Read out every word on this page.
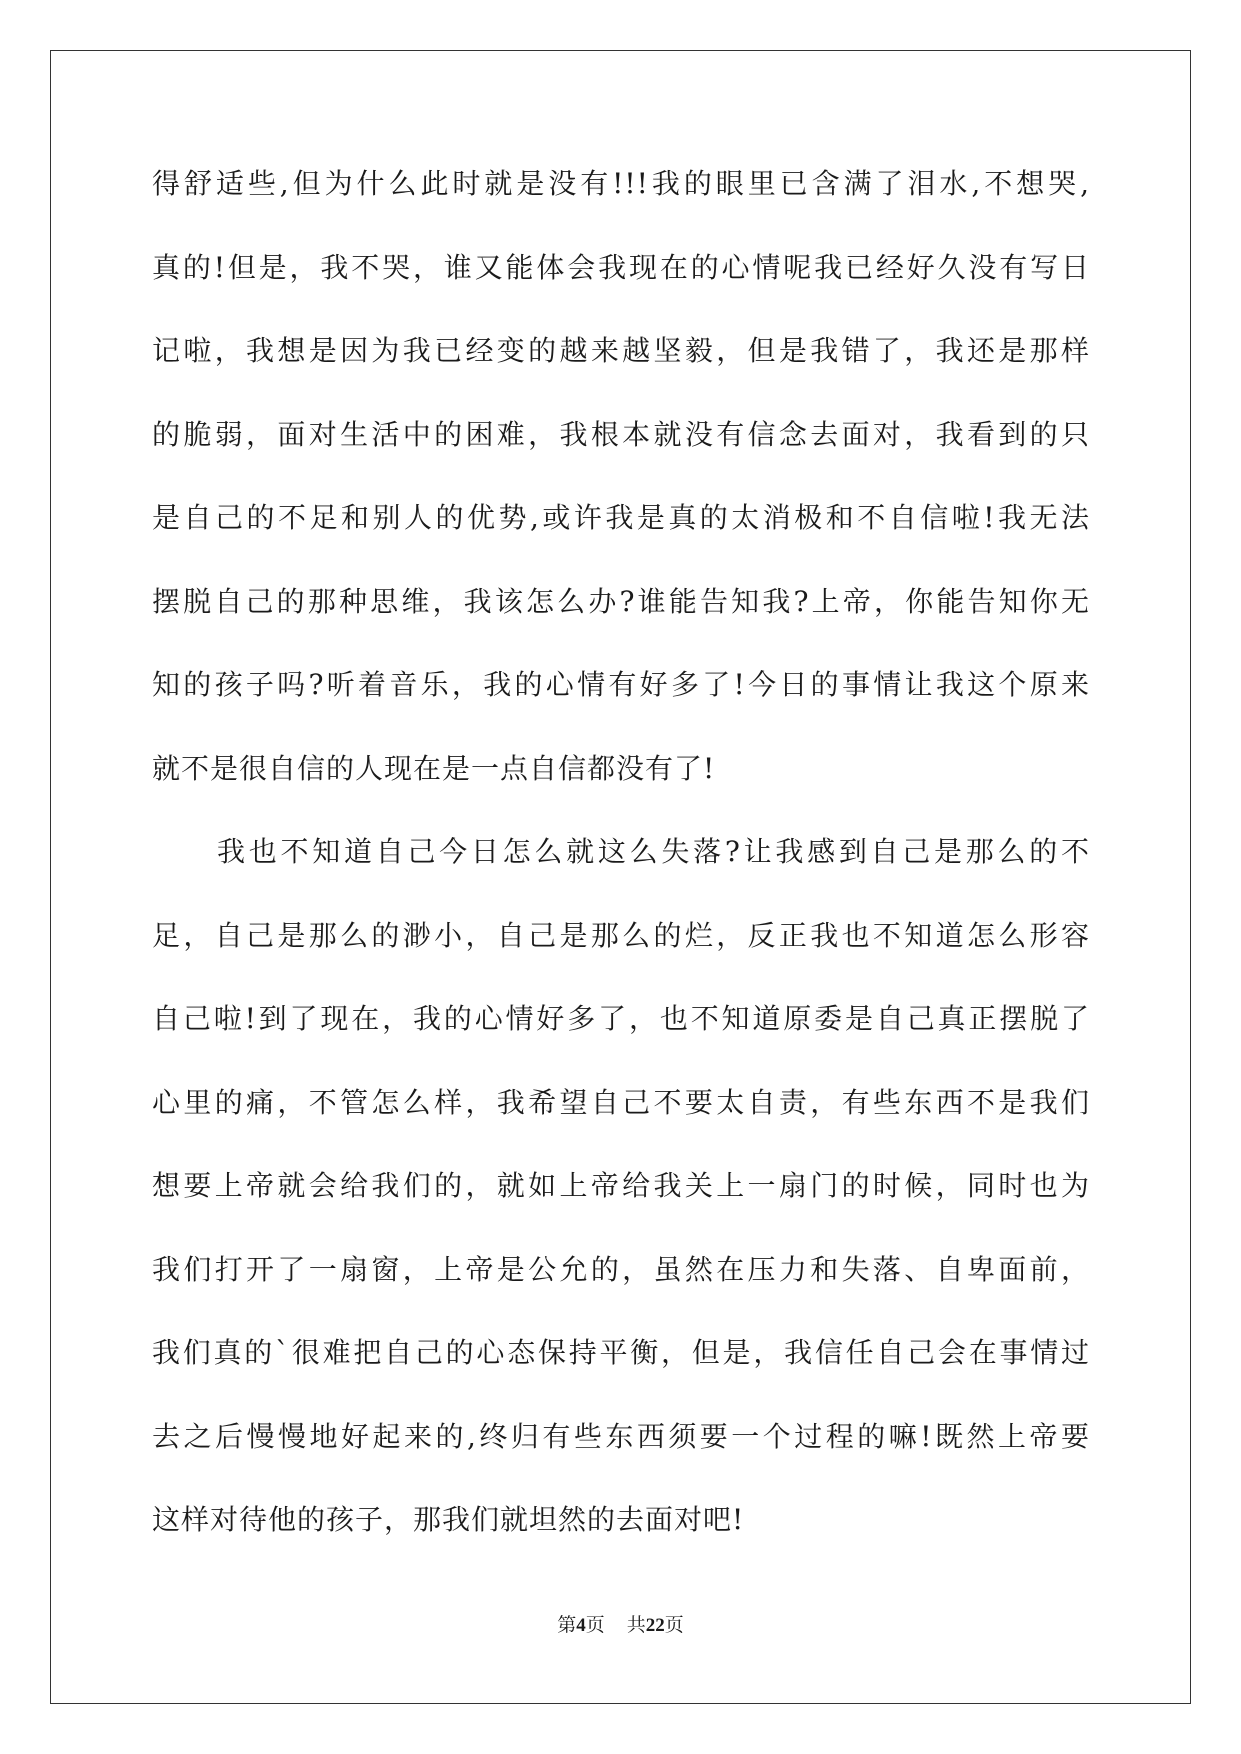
得舒适些,但为什么此时就是没有!!!我的眼里已含满了泪水,不想哭,
真的!但是，我不哭，谁又能体会我现在的心情呢我已经好久没有写日
记啦，我想是因为我已经变的越来越坚毅，但是我错了，我还是那样
的脆弱，面对生活中的困难，我根本就没有信念去面对，我看到的只
是自己的不足和别人的优势,或许我是真的太消极和不自信啦!我无法
摆脱自己的那种思维，我该怎么办?谁能告知我?上帝，你能告知你无
知的孩子吗?听着音乐，我的心情有好多了!今日的事情让我这个原来
就不是很自信的人现在是一点自信都没有了!
我也不知道自己今日怎么就这么失落?让我感到自己是那么的不
足，自己是那么的渺小，自己是那么的烂，反正我也不知道怎么形容
自己啦!到了现在，我的心情好多了，也不知道原委是自己真正摆脱了
心里的痛，不管怎么样，我希望自己不要太自责，有些东西不是我们
想要上帝就会给我们的，就如上帝给我关上一扇门的时候，同时也为
我们打开了一扇窗，上帝是公允的，虽然在压力和失落、自卑面前，
我们真的`很难把自己的心态保持平衡，但是，我信任自己会在事情过
去之后慢慢地好起来的,终归有些东西须要一个过程的嘛!既然上帝要
这样对待他的孩子，那我们就坦然的去面对吧!
第4页 共22页
